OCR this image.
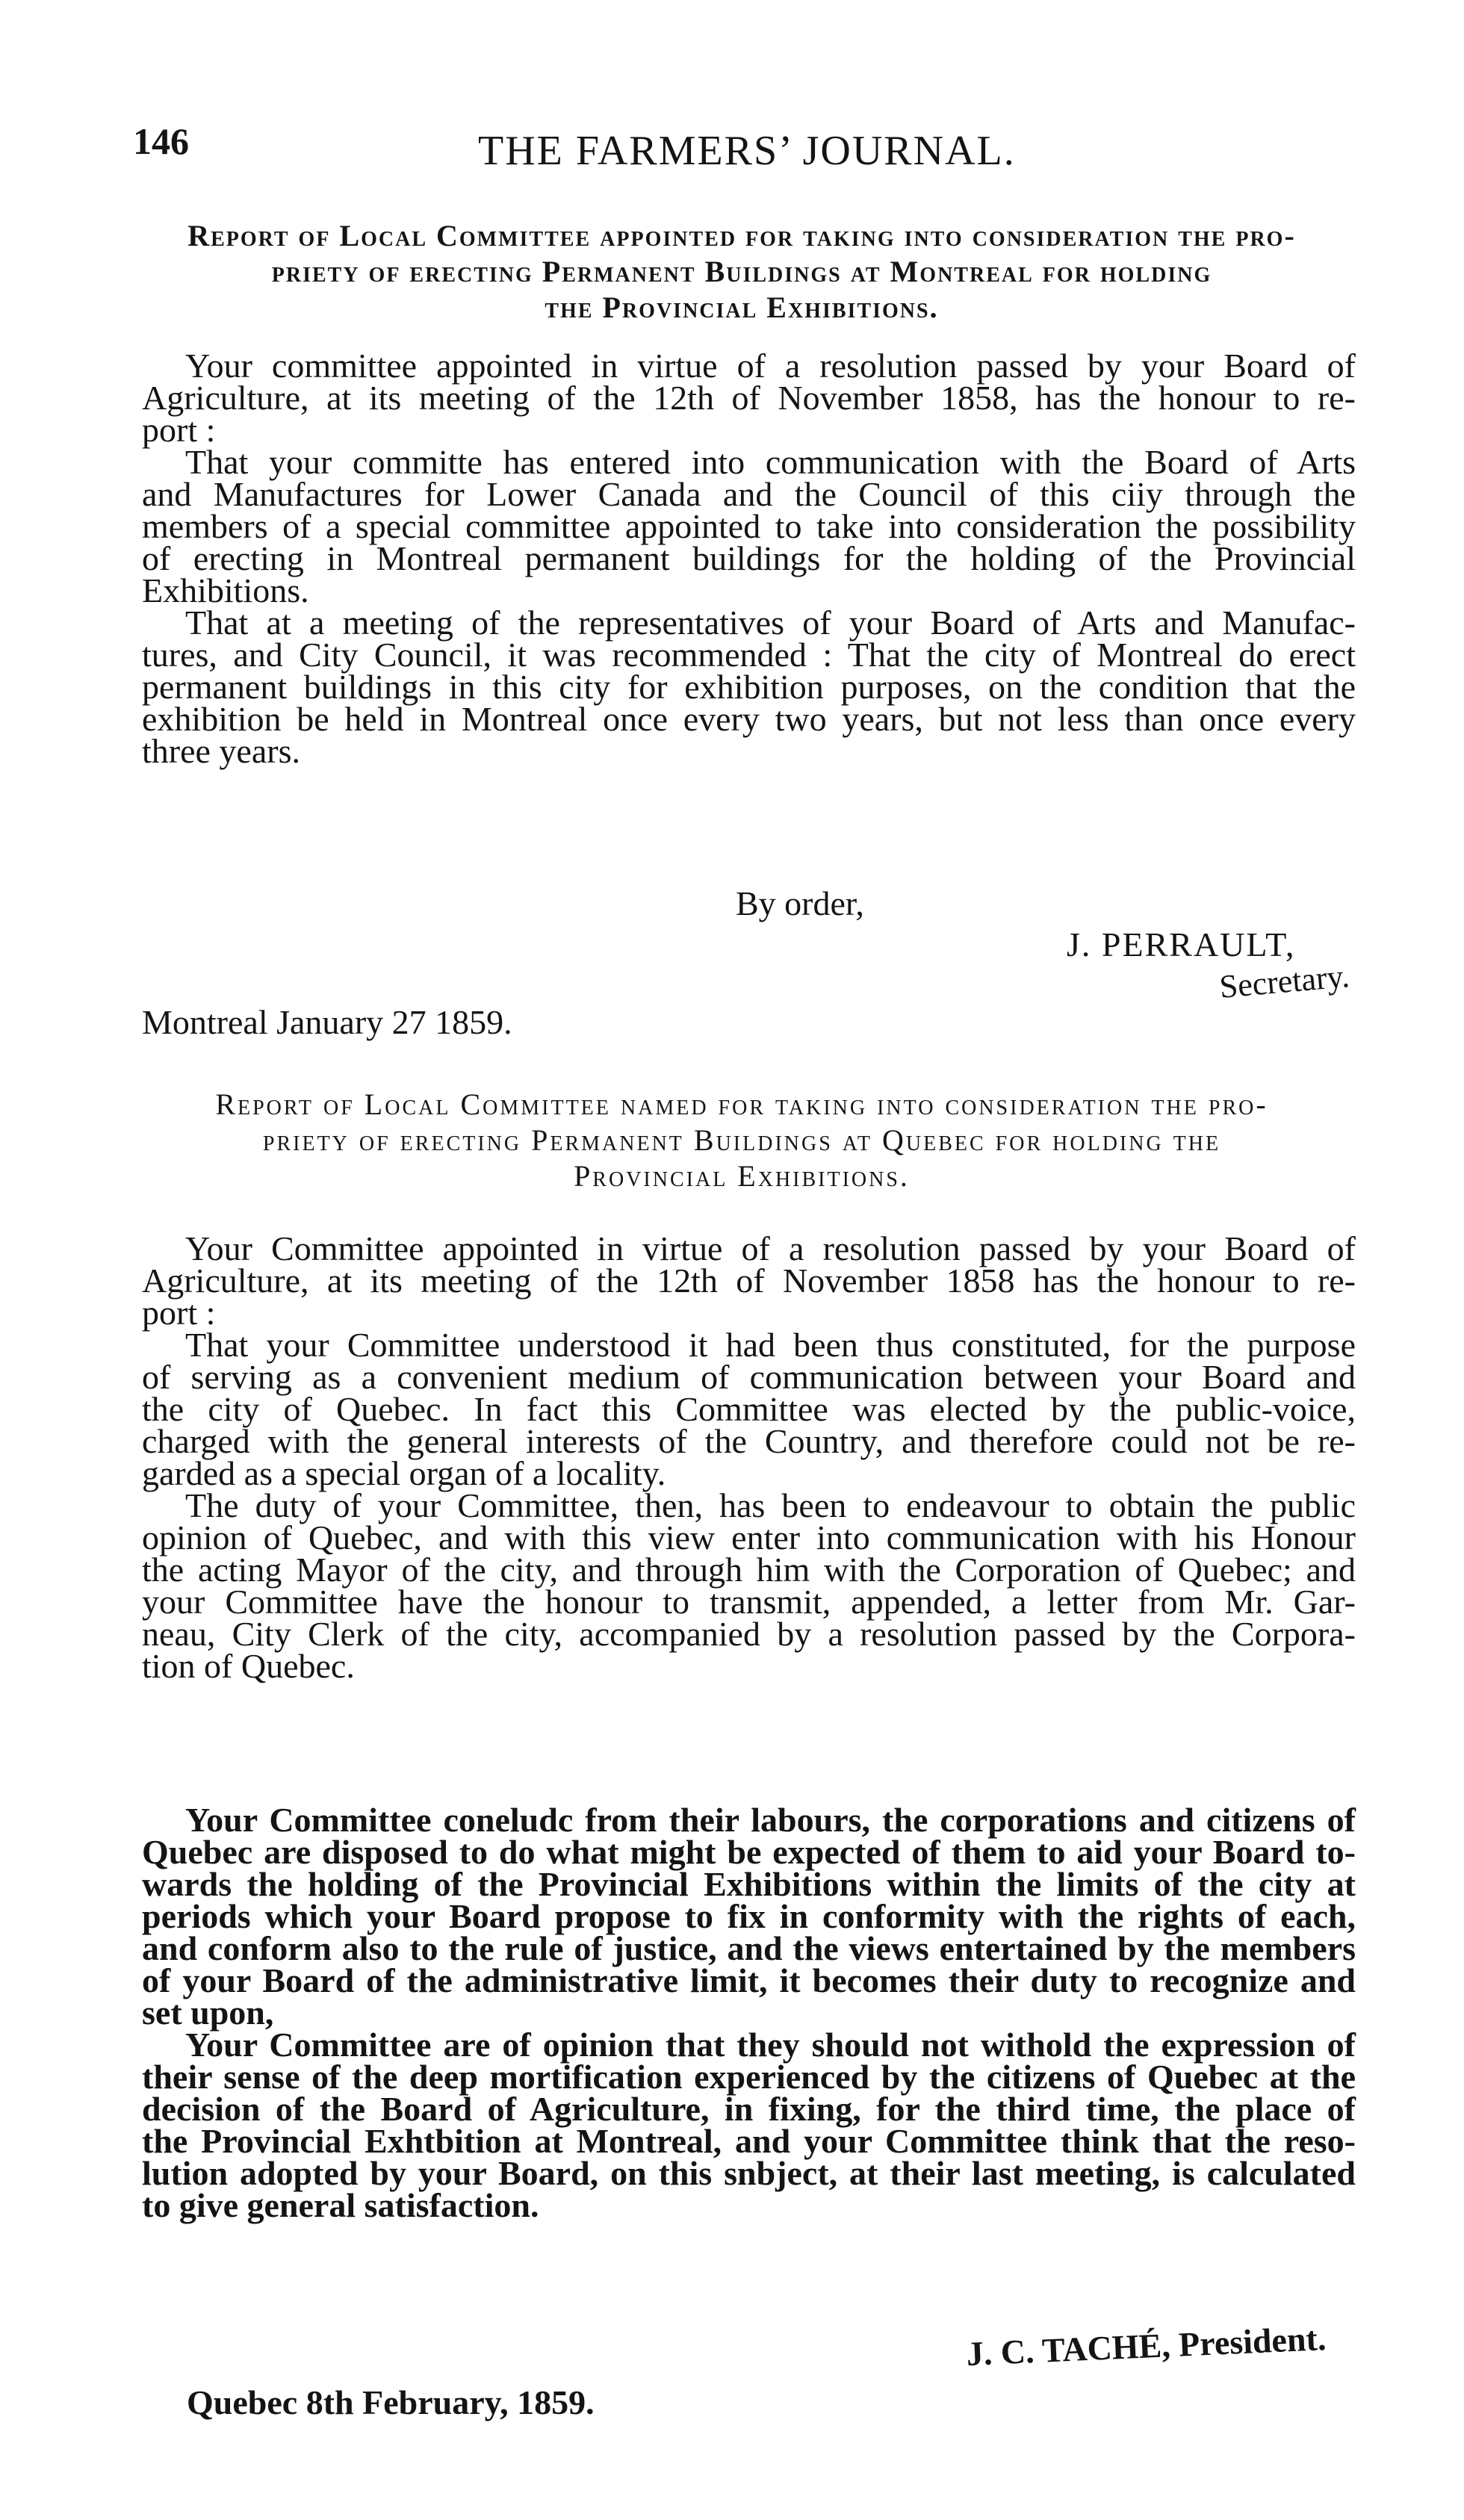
146	THE FARMERS’ JOURNAL.
Report of Local Committee appointed for taking into consideration the pro-
priety of erecting Permanent Buildings at Montreal for holding
the Provincial Exhibitions.
Your committee appointed in virtue of a resolution passed by your Board of
Agriculture, at its meeting of the 12th of November 1858, has the honour to re-
port :
That your committe has entered into communication with the Board of Arts
and Manufactures for Lower Canada and the Council of this ciiy through the
members of a special committee appointed to take into consideration the possibility
of erecting in Montreal permanent buildings for the holding of the Provincial
Exhibitions.
That at a meeting of the representatives of your Board of Arts and Manufac-
tures, and City Council, it was recommended : That the city of Montreal do erect
permanent buildings in this city for exhibition purposes, on the condition that the
exhibition be held in Montreal once every two years, but not less than once every
three years.
By order,
J. PERRAULT,
Secretary.
Montreal January 27 1859.
Report of Local Committee named for taking into consideration the pro-
priety of erecting Permanent Buildings at Quebec for holding the
Provincial Exhibitions.
Your Committee appointed in virtue of a resolution passed by your Board of
Agriculture, at its meeting of the 12th of November 1858 has the honour to re-
port :
That your Committee understood it had been thus constituted, for the purpose
of serving as a convenient medium of communication between your Board and
the city of Quebec. In fact this Committee was elected by the public-voice,
charged with the general interests of the Country, and therefore could not be re-
garded as a special organ of a locality.
The duty of your Committee, then, has been to endeavour to obtain the public
opinion of Quebec, and with this view enter into communication with his Honour
the acting Mayor of the city, and through him with the Corporation of Quebec; and
your Committee have the honour to transmit, appended, a letter from Mr. Gar-
neau, City Clerk of the city, accompanied by a resolution passed by the Corpora-
tion of Quebec.
Your Committee coneludc from their labours, the corporations and citizens of
Quebec are disposed to do what might be expected of them to aid your Board to-
wards the holding of the Provincial Exhibitions within the limits of the city at
periods which your Board propose to fix in conformity with the rights of each,
and conform also to the rule of justice, and the views entertained by the members
of your Board of the administrative limit, it becomes their duty to recognize and
set upon,
Your Committee are of opinion that they should not withold the expression of
their sense of the deep mortification experienced by the citizens of Quebec at the
decision of the Board of Agriculture, in fixing, for the third time, the place of
the Provincial Exhtbition at Montreal, and your Committee think that the reso-
lution adopted by your Board, on this snbject, at their last meeting, is calculated
to give general satisfaction.
J. C. TACHÉ, President.
Quebec 8th February, 1859.
